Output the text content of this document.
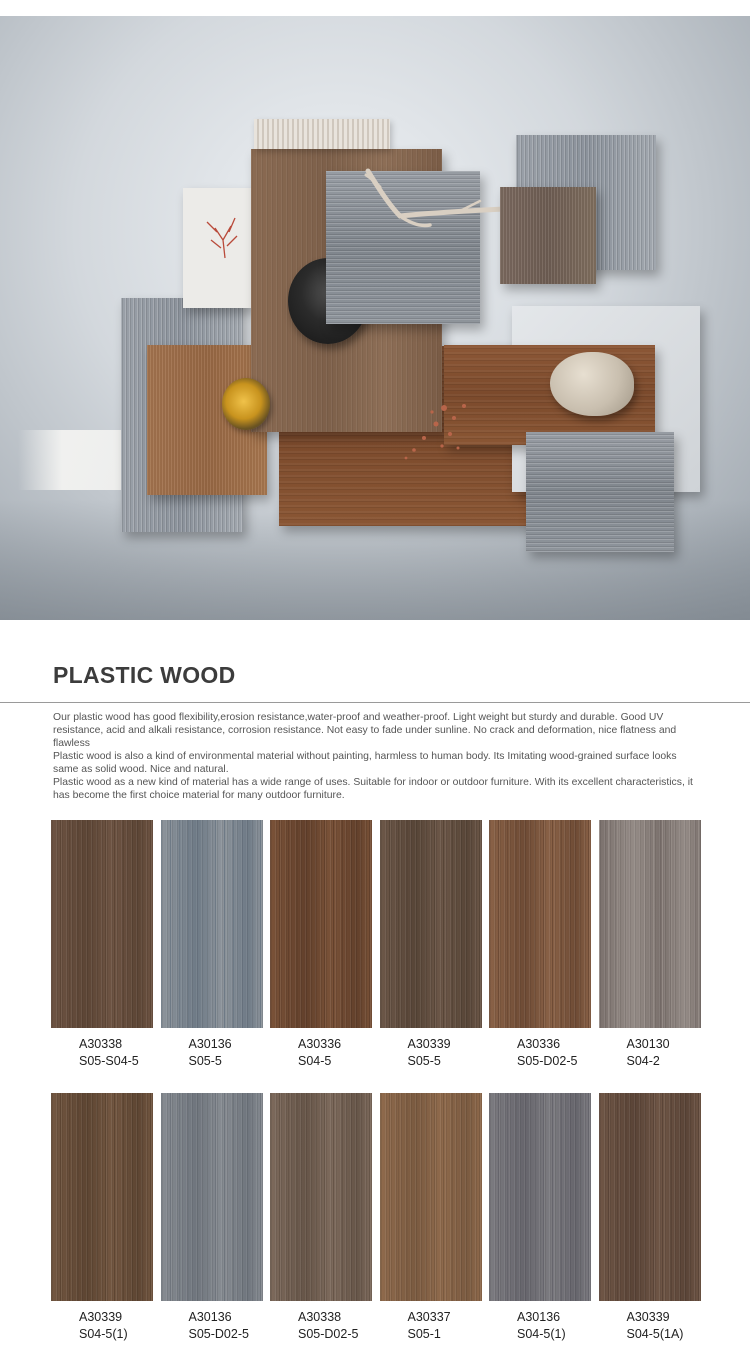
PLASTIC WOOD

Our plastic wood has good flexibility,erosion resistance,water-proof and weather-proof. Light weight but sturdy and durable. Good UV resistance, acid and alkali resistance, corrosion resistance. Not easy to fade under sunline. No crack and deformation, nice flatness and flawless

Plastic wood is also a kind of environmental material without painting, harmless to human body. Its Imitating wood-grained surface looks same as solid wood. Nice and natural.

Plastic wood as a new kind of material has a wide range of uses. Suitable for indoor or outdoor furniture. With its excellent characteristics, it has become the first choice material for many outdoor furniture.

A30338
S05-S04-5
A30136
S05-5
A30336
S04-5
A30339
S05-5
A30336
S05-D02-5
A30130
S04-2
A30339
S04-5(1)
A30136
S05-D02-5
A30338
S05-D02-5
A30337
S05-1
A30136
S04-5(1)
A30339
S04-5(1A)
